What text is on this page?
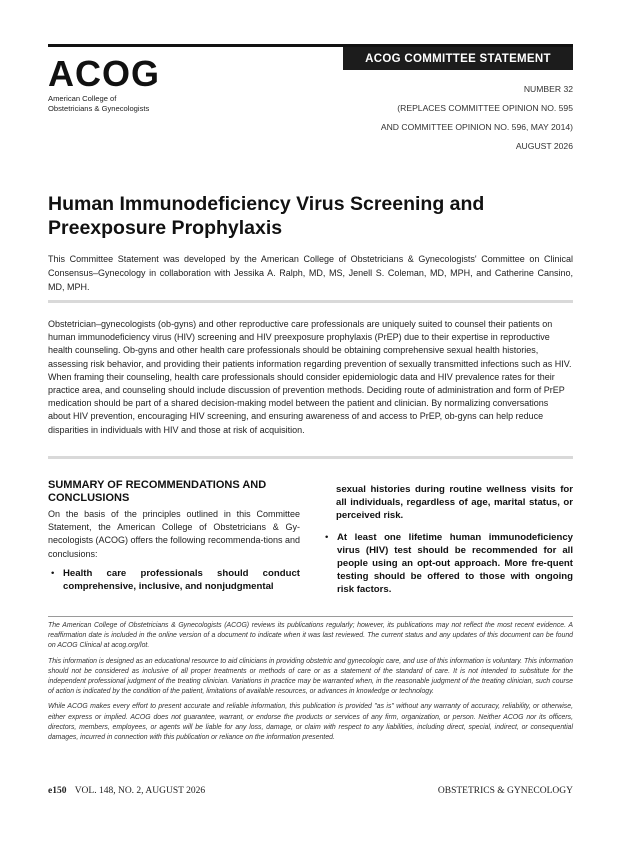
ACOG COMMITTEE STATEMENT
ACOG
American College of
Obstetricians & Gynecologists
NUMBER 32
(REPLACES COMMITTEE OPINION NO. 595
AND COMMITTEE OPINION NO. 596, MAY 2014)
AUGUST 2026
Human Immunodeficiency Virus Screening and Preexposure Prophylaxis

This Committee Statement was developed by the American College of Obstetricians & Gynecologists' Committee on Clinical Consensus–Gynecology in collaboration with Jessika A. Ralph, MD, MS, Jenell S. Coleman, MD, MPH, and Catherine Cansino, MD, MPH.

Obstetrician–gynecologists (ob-gyns) and other reproductive care professionals are uniquely suited to counsel their patients on human immunodeficiency virus (HIV) screening and HIV preexposure prophylaxis (PrEP) due to their expertise in reproductive health counseling. Ob-gyns and other health care professionals should be obtaining comprehensive sexual health histories, assessing risk behavior, and providing their patients information regarding prevention of sexually transmitted infections such as HIV. When framing their counseling, health care professionals should consider epidemiologic data and HIV prevalence rates for their practice area, and counseling should include discussion of prevention methods. Deciding route of administration and form of PrEP medication should be part of a shared decision-making model between the patient and clinician. By normalizing conversations about HIV prevention, encouraging HIV screening, and ensuring awareness of and access to PrEP, ob-gyns can help reduce disparities in individuals with HIV and those at risk of acquisition.

SUMMARY OF RECOMMENDATIONS AND CONCLUSIONS

On the basis of the principles outlined in this Committee Statement, the American College of Obstetricians & Gy-necologists (ACOG) offers the following recommenda-tions and conclusions:

• Health care professionals should conduct comprehensive, inclusive, and nonjudgmental

sexual histories during routine wellness visits for all individuals, regardless of age, marital status, or perceived risk.

• At least one lifetime human immunodeficiency virus (HIV) test should be recommended for all people using an opt-out approach. More fre-quent testing should be offered to those with ongoing risk factors.

The American College of Obstetricians & Gynecologists (ACOG) reviews its publications regularly; however, its publications may not reflect the most recent evidence. A reaffirmation date is included in the online version of a document to indicate when it was last reviewed. The current status and any updates of this document can be found on ACOG Clinical at acog.org/lot.

This information is designed as an educational resource to aid clinicians in providing obstetric and gynecologic care, and use of this information is voluntary. This information should not be considered as inclusive of all proper treatments or methods of care or as a statement of the standard of care. It is not intended to substitute for the independent professional judgment of the treating clinician. Variations in practice may be warranted when, in the reasonable judgment of the treating clinician, such course of action is indicated by the condition of the patient, limitations of available resources, or advances in knowledge or technology.

While ACOG makes every effort to present accurate and reliable information, this publication is provided "as is" without any warranty of accuracy, reliability, or otherwise, either express or implied. ACOG does not guarantee, warrant, or endorse the products or services of any firm, organization, or person. Neither ACOG nor its officers, directors, members, employees, or agents will be liable for any loss, damage, or claim with respect to any liabilities, including direct, special, indirect, or consequential damages, incurred in connection with this publication or reliance on the information presented.

e150 VOL. 148, NO. 2, AUGUST 2026	OBSTETRICS & GYNECOLOGY
